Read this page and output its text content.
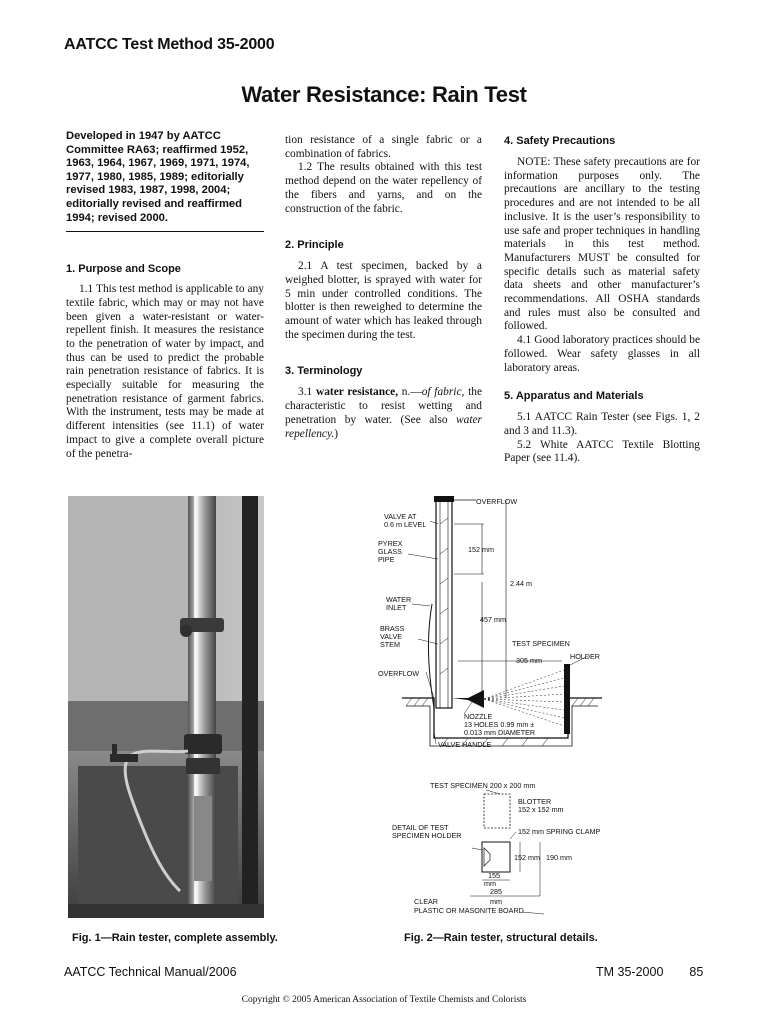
AATCC Test Method 35-2000
Water Resistance: Rain Test
Developed in 1947 by AATCC Committee RA63; reaffirmed 1952, 1963, 1964, 1967, 1969, 1971, 1974, 1977, 1980, 1985, 1989; editorially revised 1983, 1987, 1998, 2004; editorially revised and reaffirmed 1994; revised 2000.
1. Purpose and Scope

1.1 This test method is applicable to any textile fabric, which may or may not have been given a water-resistant or water-repellent finish. It measures the resistance to the penetration of water by impact, and thus can be used to predict the probable rain penetration resistance of fabrics. It is especially suitable for measuring the penetration resistance of garment fabrics. With the instrument, tests may be made at different intensities (see 11.1) of water impact to give a complete overall picture of the penetra-

tion resistance of a single fabric or a combination of fabrics.

1.2 The results obtained with this test method depend on the water repellency of the fibers and yarns, and on the construction of the fabric.

2. Principle

2.1 A test specimen, backed by a weighed blotter, is sprayed with water for 5 min under controlled conditions. The blotter is then reweighed to determine the amount of water which has leaked through the specimen during the test.

3. Terminology

3.1 water resistance, n.—of fabric, the characteristic to resist wetting and penetration by water. (See also water repellency.)

4. Safety Precautions

NOTE: These safety precautions are for information purposes only. The precautions are ancillary to the testing procedures and are not intended to be all inclusive. It is the user’s responsibility to use safe and proper techniques in handling materials in this test method. Manufacturers MUST be consulted for specific details such as material safety data sheets and other manufacturer’s recommendations. All OSHA standards and rules must also be consulted and followed.

4.1 Good laboratory practices should be followed. Wear safety glasses in all laboratory areas.

5. Apparatus and Materials

5.1 AATCC Rain Tester (see Figs. 1, 2 and 3 and 11.3).

5.2 White AATCC Textile Blotting Paper (see 11.4).

OVERFLOW
VALVE AT
0.6 m LEVEL
PYREX
GLASS
PIPE
152 mm
2.44 m
WATER
INLET
457 mm
BRASS
VALVE
STEM	TEST SPECIMEN
305 mm	HOLDER
OVERFLOW
NOZZLE
13 HOLES 0.99 mm ±
0.013 mm DIAMETER
VALVE HANDLE
TEST SPECIMEN 200 x 200 mm
BLOTTER
152 x 152 mm
DETAIL OF TEST
SPECIMEN HOLDER	152 mm SPRING CLAMP
152 mm 190 mm
155
mm
285
mm
CLEAR
PLASTIC OR MASONITE BOARD
Fig. 1—Rain tester, complete assembly.	Fig. 2—Rain tester, structural details.
AATCC Technical Manual/2006	TM 35-2000 85
Copyright © 2005 American Association of Textile Chemists and Colorists
